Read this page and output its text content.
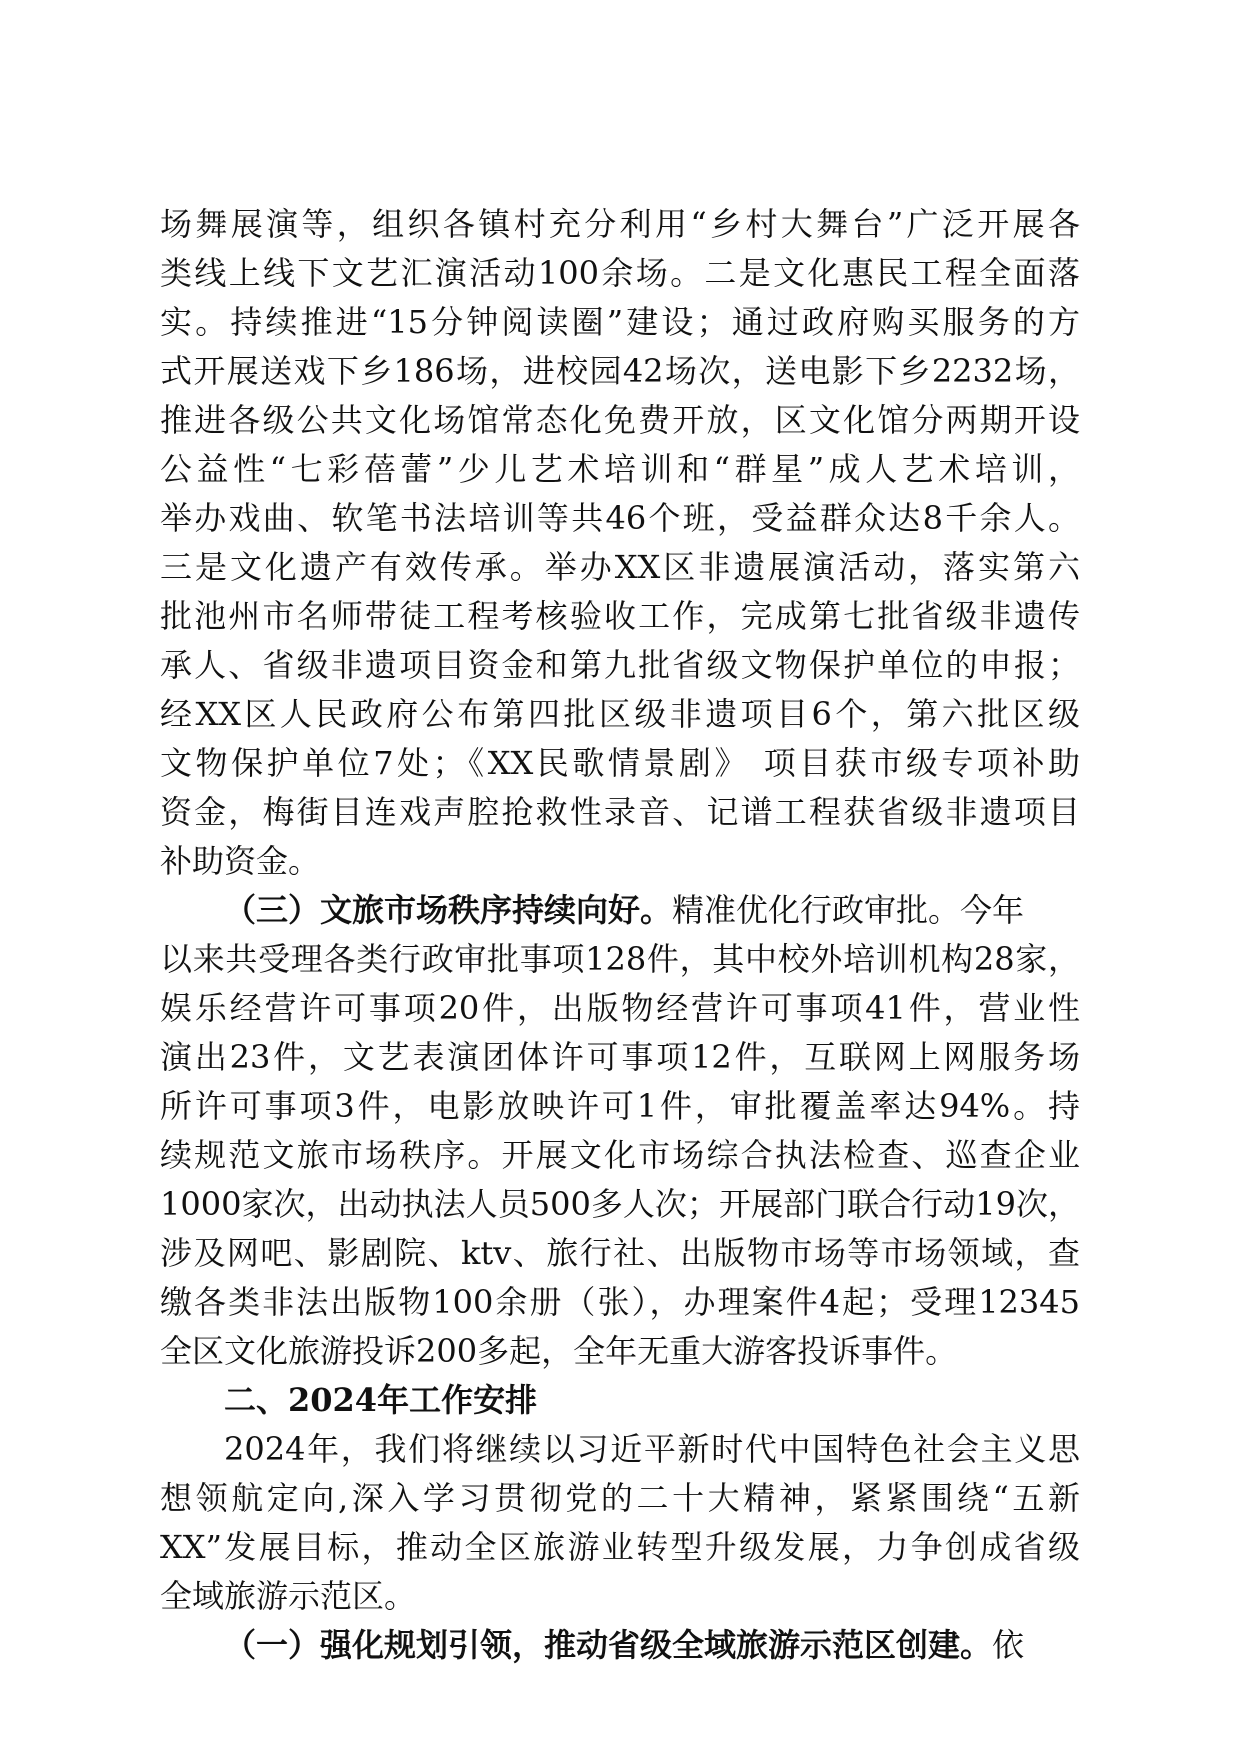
场舞展演等，组织各镇村充分利用“乡村大舞台”广泛开展各
类线上线下文艺汇演活动100余场。二是文化惠民工程全面落
实。持续推进“15分钟阅读圈”建设；通过政府购买服务的方
式开展送戏下乡186场，进校园42场次，送电影下乡2232场，
推进各级公共文化场馆常态化免费开放，区文化馆分两期开设
公益性“七彩蓓蕾”少儿艺术培训和“群星”成人艺术培训，
举办戏曲、软笔书法培训等共46个班，受益群众达8千余人。
三是文化遗产有效传承。举办XX区非遗展演活动，落实第六
批池州市名师带徒工程考核验收工作，完成第七批省级非遗传
承人、省级非遗项目资金和第九批省级文物保护单位的申报；
经XX区人民政府公布第四批区级非遗项目6个，第六批区级
文物保护单位7处；《XX民歌情景剧》 项目获市级专项补助
资金，梅街目连戏声腔抢救性录音、记谱工程获省级非遗项目
补助资金。
（三）文旅市场秩序持续向好。精准优化行政审批。今年
以来共受理各类行政审批事项128件，其中校外培训机构28家，
娱乐经营许可事项20件，出版物经营许可事项41件，营业性
演出23件，文艺表演团体许可事项12件，互联网上网服务场
所许可事项3件，电影放映许可1件，审批覆盖率达94%。持
续规范文旅市场秩序。开展文化市场综合执法检查、巡查企业
1000家次，出动执法人员500多人次；开展部门联合行动19次，
涉及网吧、影剧院、ktv、旅行社、出版物市场等市场领域，查
缴各类非法出版物100余册（张），办理案件4起；受理12345
全区文化旅游投诉200多起，全年无重大游客投诉事件。
二、2024年工作安排
2024年，我们将继续以习近平新时代中国特色社会主义思
想领航定向,深入学习贯彻党的二十大精神，紧紧围绕“五新
XX”发展目标，推动全区旅游业转型升级发展，力争创成省级
全域旅游示范区。
（一）强化规划引领，推动省级全域旅游示范区创建。依
